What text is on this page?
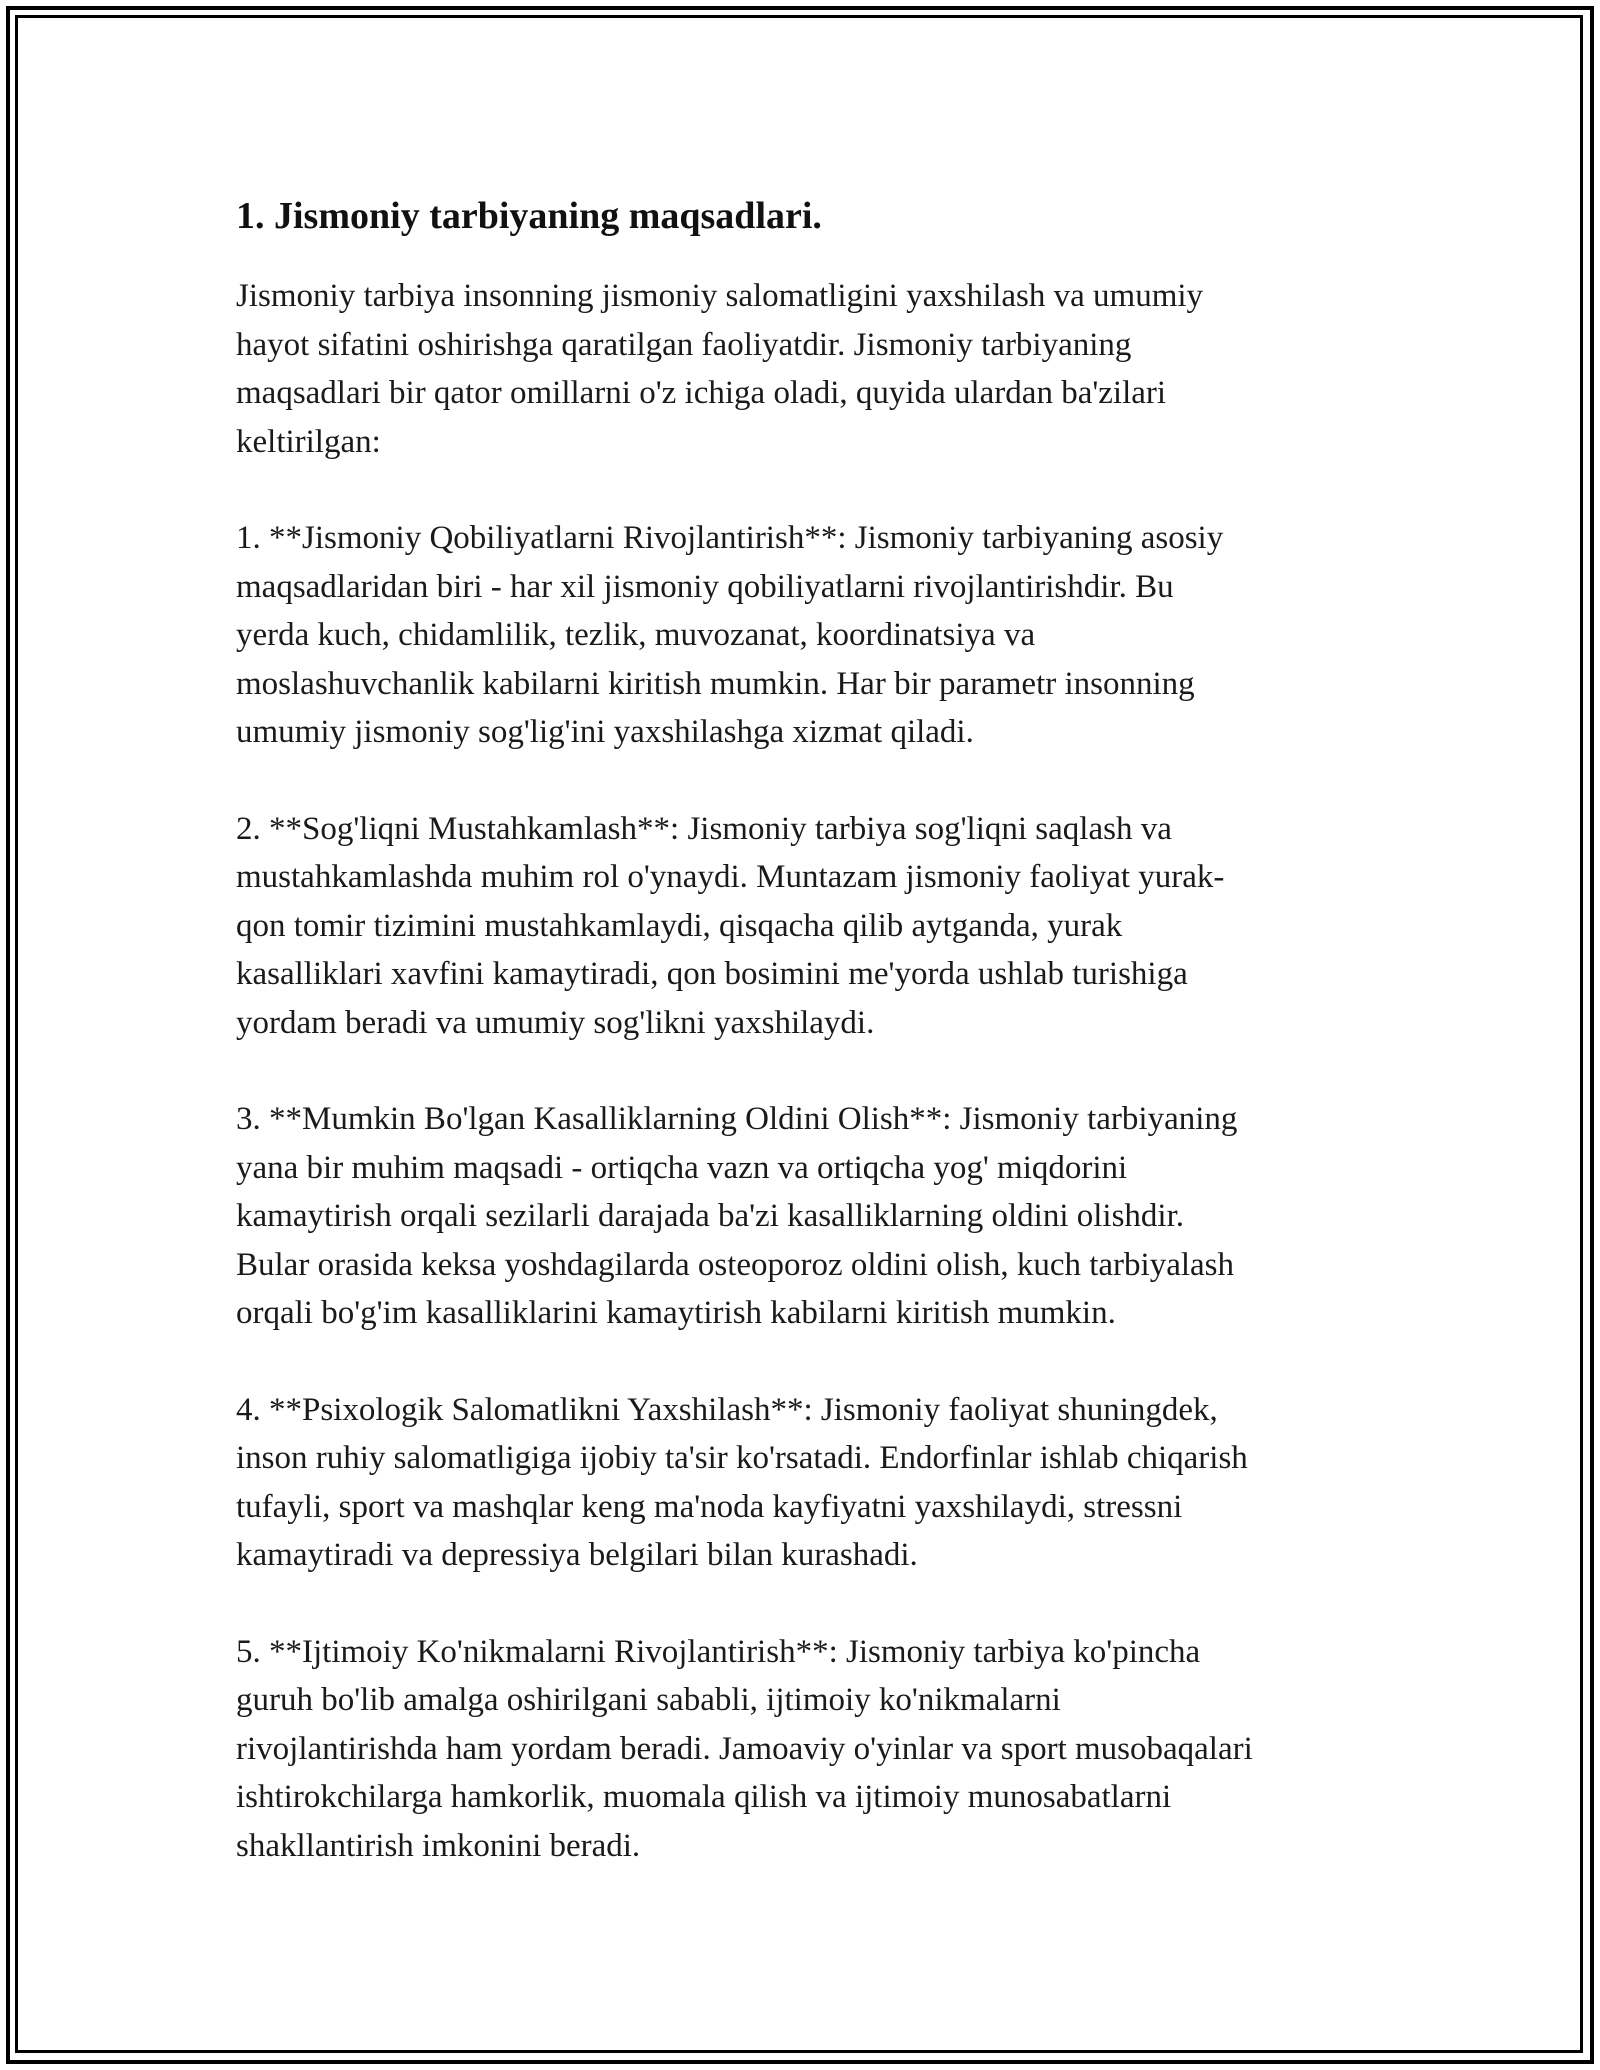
1. Jismoniy tarbiyaning maqsadlari.

Jismoniy tarbiya insonning jismoniy salomatligini yaxshilash va umumiy
hayot sifatini oshirishga qaratilgan faoliyatdir. Jismoniy tarbiyaning
maqsadlari bir qator omillarni o'z ichiga oladi, quyida ulardan ba'zilari
keltirilgan:

1. **Jismoniy Qobiliyatlarni Rivojlantirish**: Jismoniy tarbiyaning asosiy
maqsadlaridan biri - har xil jismoniy qobiliyatlarni rivojlantirishdir. Bu
yerda kuch, chidamlilik, tezlik, muvozanat, koordinatsiya va
moslashuvchanlik kabilarni kiritish mumkin. Har bir parametr insonning
umumiy jismoniy sog'lig'ini yaxshilashga xizmat qiladi.

2. **Sog'liqni Mustahkamlash**: Jismoniy tarbiya sog'liqni saqlash va
mustahkamlashda muhim rol o'ynaydi. Muntazam jismoniy faoliyat yurak-
qon tomir tizimini mustahkamlaydi, qisqacha qilib aytganda, yurak
kasalliklari xavfini kamaytiradi, qon bosimini me'yorda ushlab turishiga
yordam beradi va umumiy sog'likni yaxshilaydi.

3. **Mumkin Bo'lgan Kasalliklarning Oldini Olish**: Jismoniy tarbiyaning
yana bir muhim maqsadi - ortiqcha vazn va ortiqcha yog' miqdorini
kamaytirish orqali sezilarli darajada ba'zi kasalliklarning oldini olishdir.
Bular orasida keksa yoshdagilarda osteoporoz oldini olish, kuch tarbiyalash
orqali bo'g'im kasalliklarini kamaytirish kabilarni kiritish mumkin.

4. **Psixologik Salomatlikni Yaxshilash**: Jismoniy faoliyat shuningdek,
inson ruhiy salomatligiga ijobiy ta'sir ko'rsatadi. Endorfinlar ishlab chiqarish
tufayli, sport va mashqlar keng ma'noda kayfiyatni yaxshilaydi, stressni
kamaytiradi va depressiya belgilari bilan kurashadi.

5. **Ijtimoiy Ko'nikmalarni Rivojlantirish**: Jismoniy tarbiya ko'pincha
guruh bo'lib amalga oshirilgani sababli, ijtimoiy ko'nikmalarni
rivojlantirishda ham yordam beradi. Jamoaviy o'yinlar va sport musobaqalari
ishtirokchilarga hamkorlik, muomala qilish va ijtimoiy munosabatlarni
shakllantirish imkonini beradi.
